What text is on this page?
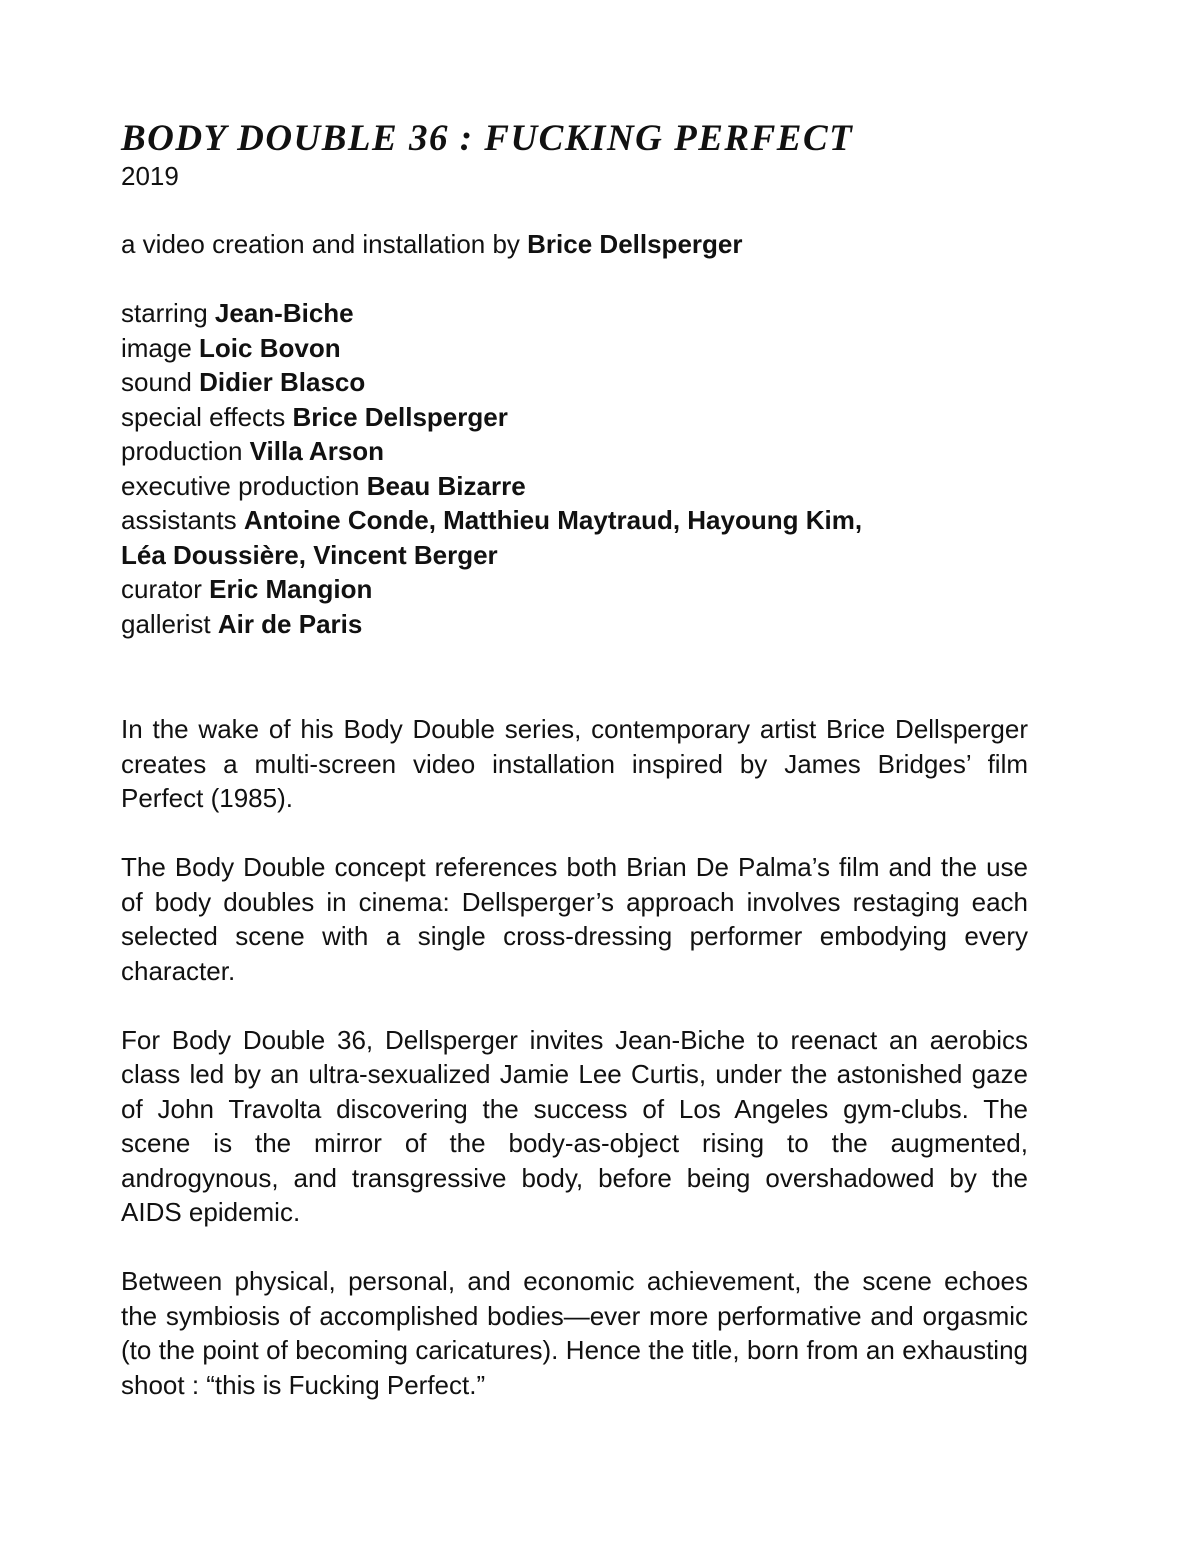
BODY DOUBLE 36 : FUCKING PERFECT

2019

a video creation and installation by Brice Dellsperger

starring Jean-Biche
image Loic Bovon
sound Didier Blasco
special effects Brice Dellsperger
production Villa Arson
executive production Beau Bizarre
assistants Antoine Conde, Matthieu Maytraud, Hayoung Kim,
Léa Doussière, Vincent Berger
curator Eric Mangion
gallerist Air de Paris

In the wake of his Body Double series, contemporary artist Brice Dellsperger creates a multi-screen video installation inspired by James Bridges’ film Perfect (1985).

The Body Double concept references both Brian De Palma’s film and the use of body doubles in cinema: Dellsperger’s approach involves restaging each selected scene with a single cross-dressing performer embodying every character.

For Body Double 36, Dellsperger invites Jean-Biche to reenact an aerobics class led by an ultra-sexualized Jamie Lee Curtis, under the astonished gaze of John Travolta discovering the success of Los Angeles gym-clubs. The scene is the mirror of the body-as-object rising to the augmented, androgynous, and transgressive body, before being overshadowed by the AIDS epidemic.

Between physical, personal, and economic achievement, the scene echoes the symbiosis of accomplished bodies—ever more performative and orgasmic (to the point of becoming caricatures). Hence the title, born from an exhausting shoot : “this is Fucking Perfect.”
